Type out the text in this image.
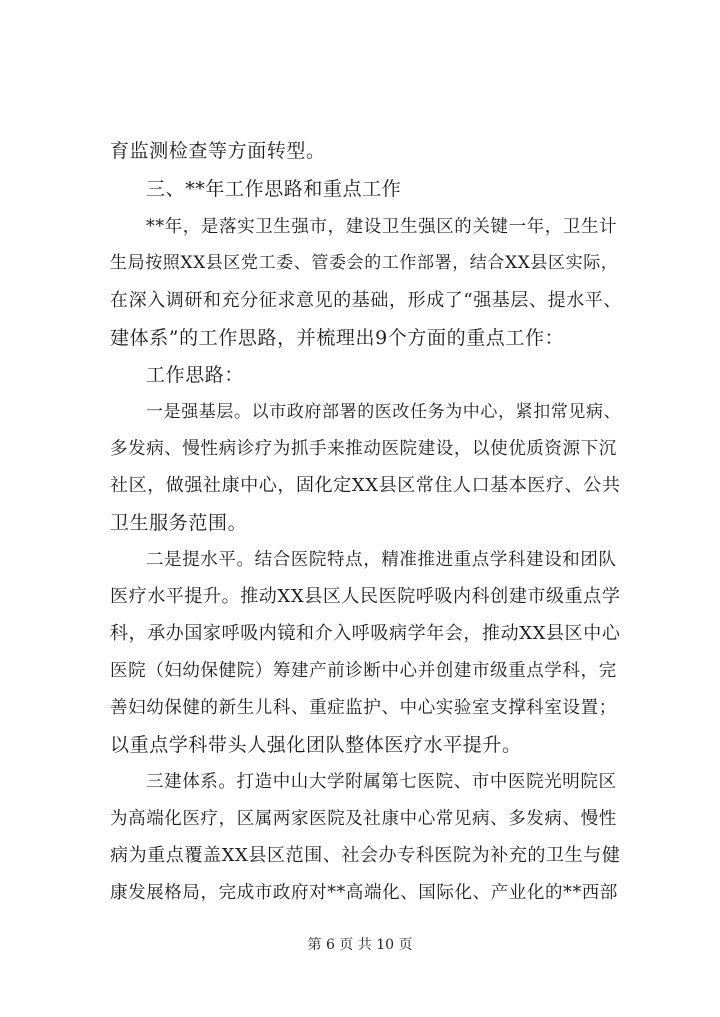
育监测检查等方面转型。
三、**年工作思路和重点工作
**年，是落实卫生强市，建设卫生强区的关键一年，卫生计
生局按照XX县区党工委、管委会的工作部署，结合XX县区实际，
在深入调研和充分征求意见的基础，形成了“强基层、提水平、
建体系”的工作思路，并梳理出9个方面的重点工作：
工作思路：
一是强基层。以市政府部署的医改任务为中心，紧扣常见病、
多发病、慢性病诊疗为抓手来推动医院建设，以使优质资源下沉
社区，做强社康中心，固化定XX县区常住人口基本医疗、公共
卫生服务范围。
二是提水平。结合医院特点，精准推进重点学科建设和团队
医疗水平提升。推动XX县区人民医院呼吸内科创建市级重点学
科，承办国家呼吸内镜和介入呼吸病学年会，推动XX县区中心
医院（妇幼保健院）筹建产前诊断中心并创建市级重点学科，完
善妇幼保健的新生儿科、重症监护、中心实验室支撑科室设置；
以重点学科带头人强化团队整体医疗水平提升。
三建体系。打造中山大学附属第七医院、市中医院光明院区
为高端化医疗，区属两家医院及社康中心常见病、多发病、慢性
病为重点覆盖XX县区范围、社会办专科医院为补充的卫生与健
康发展格局，完成市政府对**高端化、国际化、产业化的**西部
第 6 页 共 10 页
